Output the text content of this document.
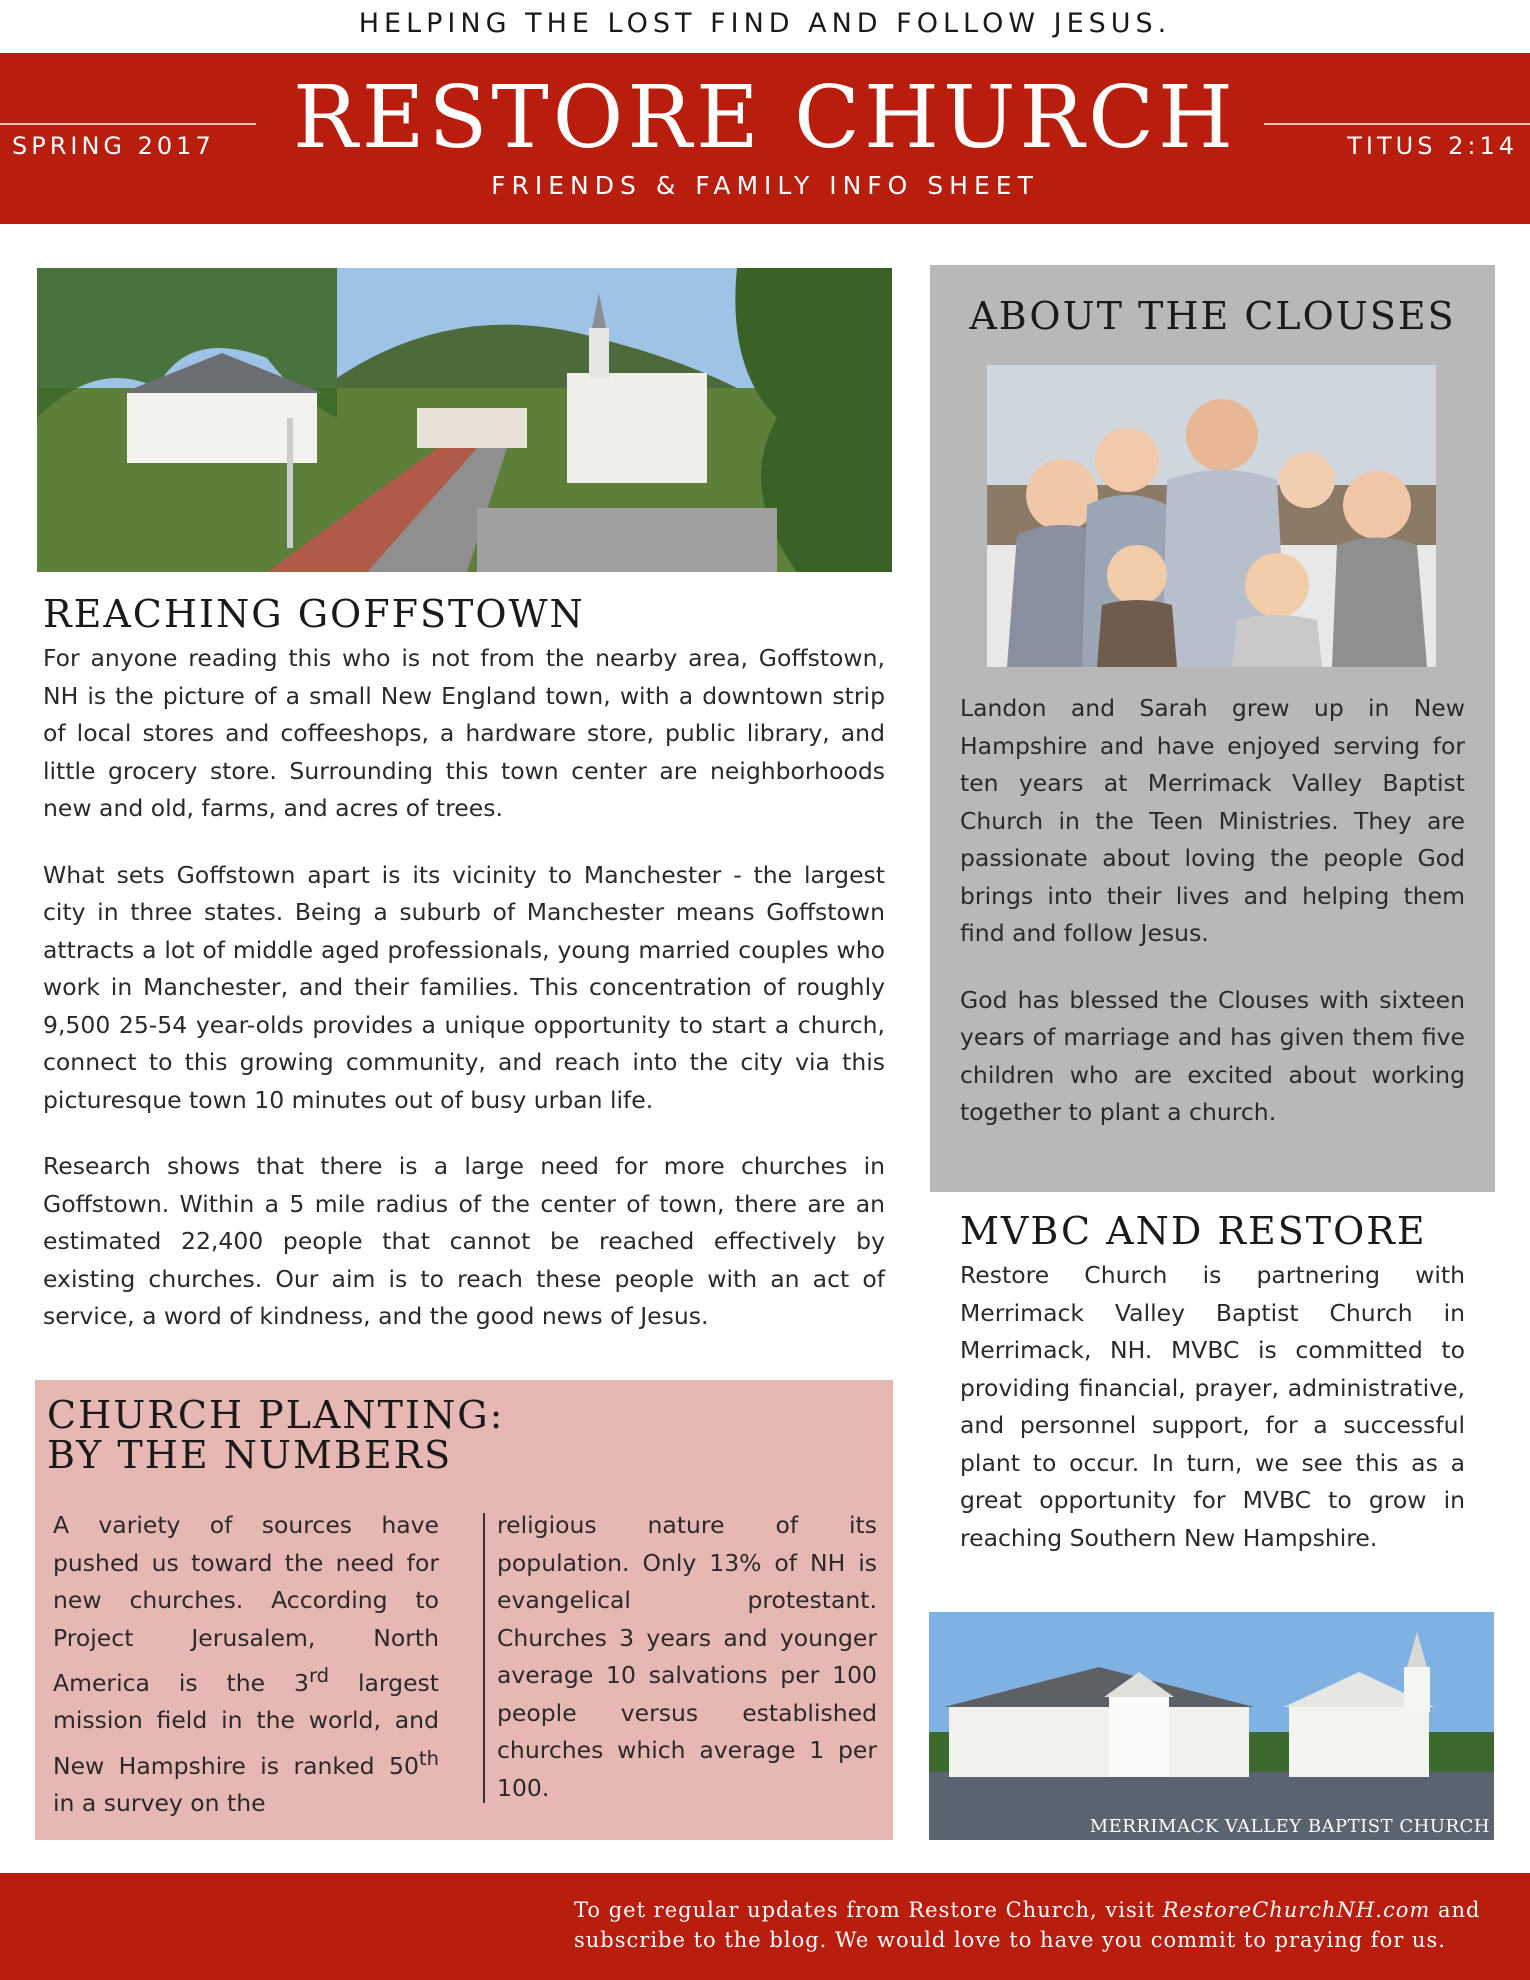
HELPING THE LOST FIND AND FOLLOW JESUS.
SPRING 2017 RESTORE CHURCH
FRIENDS & FAMILY INFO SHEET
TITUS 2:14
REACHING GOFFSTOWN

For anyone reading this who is not from the nearby area, Goffstown, NH is the picture of a small New England town, with a downtown strip of local stores and coffeeshops, a hardware store, public library, and little grocery store. Surrounding this town center are neighborhoods new and old, farms, and acres of trees.

What sets Goffstown apart is its vicinity to Manchester - the largest city in three states. Being a suburb of Manchester means Goffstown attracts a lot of middle aged professionals, young married couples who work in Manchester, and their families. This concentration of roughly 9,500 25-54 year-olds provides a unique opportunity to start a church, connect to this growing community, and reach into the city via this picturesque town 10 minutes out of busy urban life.

Research shows that there is a large need for more churches in Goffstown. Within a 5 mile radius of the center of town, there are an estimated 22,400 people that cannot be reached effectively by existing churches. Our aim is to reach these people with an act of service, a word of kindness, and the good news of Jesus.

ABOUT THE CLOUSES

Landon and Sarah grew up in New Hampshire and have enjoyed serving for ten years at Merrimack Valley Baptist Church in the Teen Ministries. They are passionate about loving the people God brings into their lives and helping them find and follow Jesus.

God has blessed the Clouses with sixteen years of marriage and has given them five children who are excited about working together to plant a church.

MVBC AND RESTORE

Restore Church is partnering with Merrimack Valley Baptist Church in Merrimack, NH. MVBC is committed to providing financial, prayer, administrative, and personnel support, for a successful plant to occur. In turn, we see this as a great opportunity for MVBC to grow in reaching Southern New Hampshire.

MERRIMACK VALLEY BAPTIST CHURCH
CHURCH PLANTING:
BY THE NUMBERS
A variety of sources have pushed us toward the need for new churches. According to Project Jerusalem, North America is the 3rd largest mission field in the world, and New Hampshire is ranked 50th in a survey on the
religious nature of its population. Only 13% of NH is evangelical protestant. Churches 3 years and younger average 10 salvations per 100 people versus established churches which average 1 per 100.
To get regular updates from Restore Church, visit RestoreChurchNH.com and subscribe to the blog. We would love to have you commit to praying for us.
